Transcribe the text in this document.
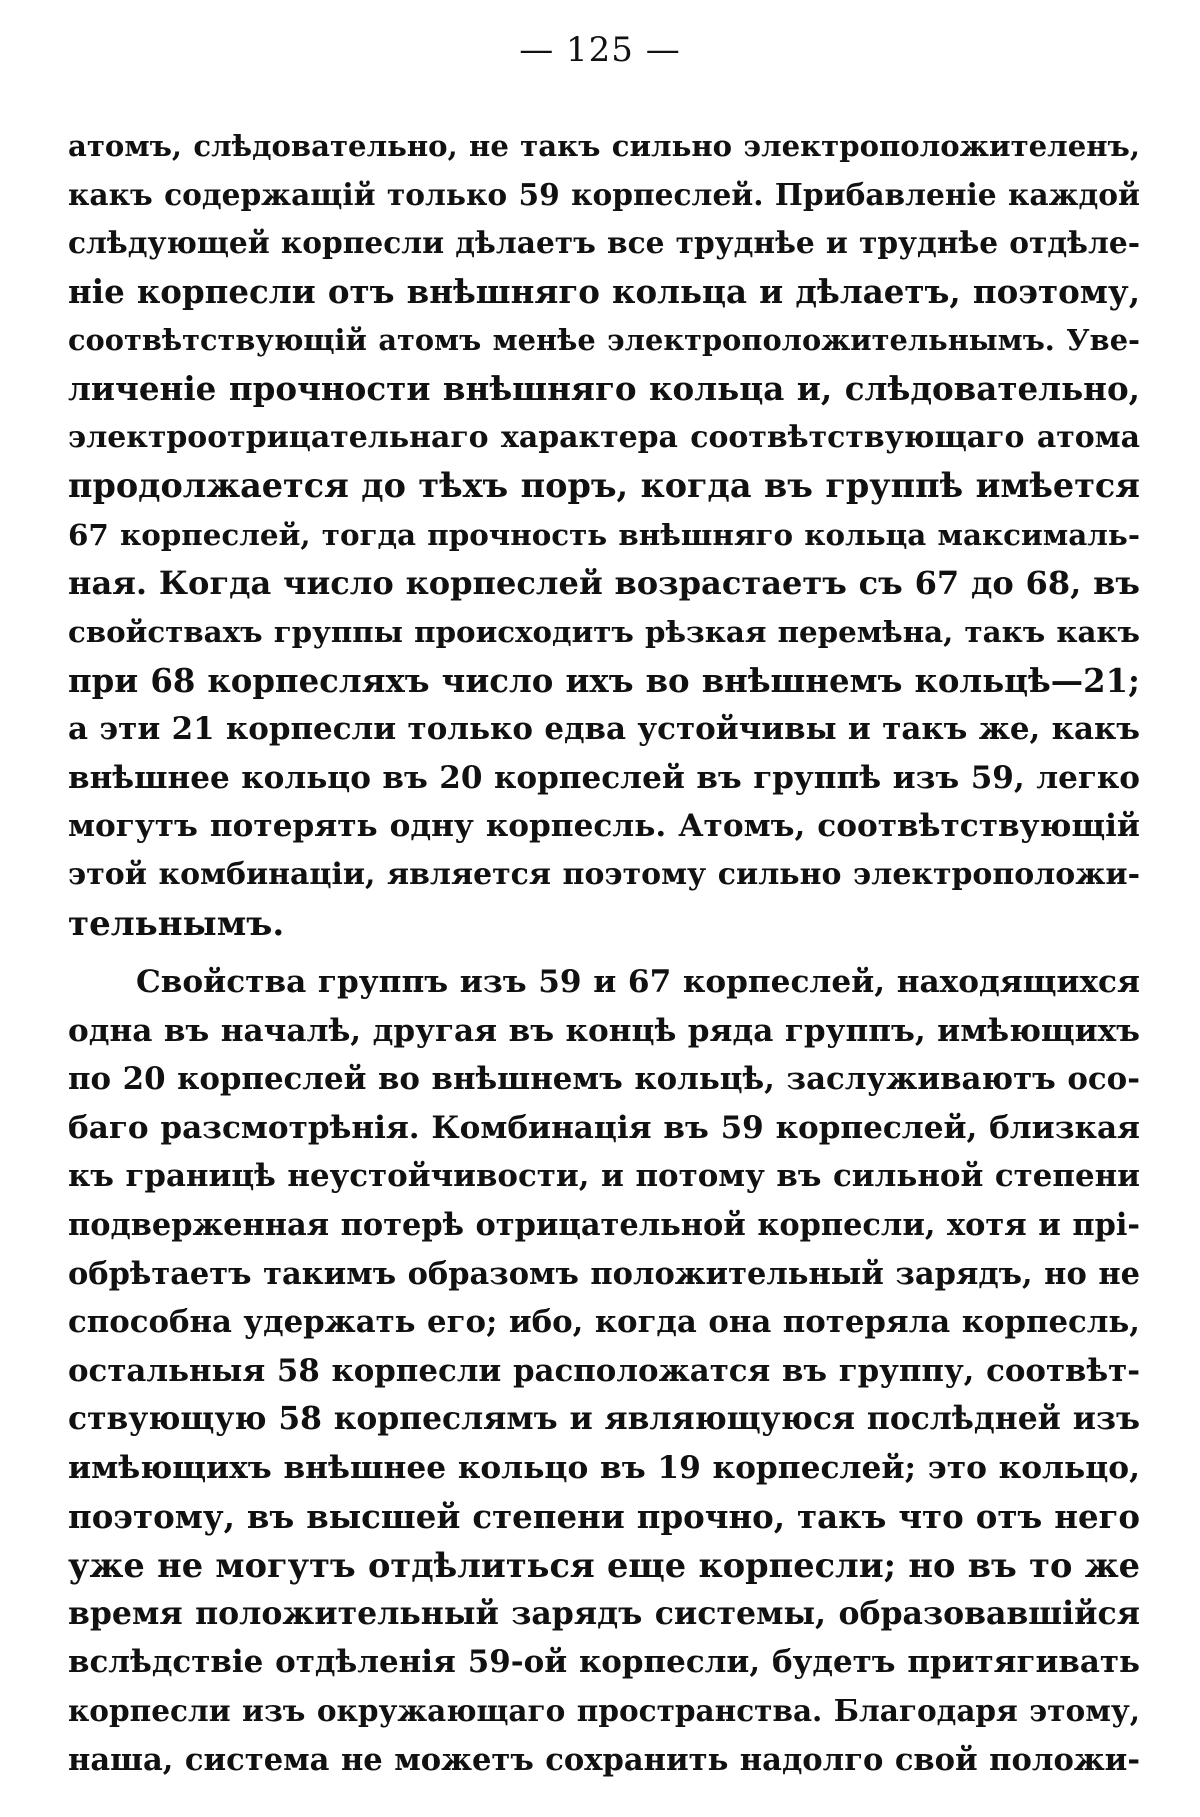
— 125 —
атомъ, слѣдовательно, не такъ сильно электроположителенъ,
какъ содержащій только 59 корпеслей. Прибавленіе каждой
слѣдующей корпесли дѣлаетъ все труднѣе и труднѣе отдѣле-
ніе корпесли отъ внѣшняго кольца и дѣлаетъ, поэтому,
соотвѣтствующій атомъ менѣе электроположительнымъ. Уве-
личеніе прочности внѣшняго кольца и, слѣдовательно,
электроотрицательнаго характера соотвѣтствующаго атома
продолжается до тѣхъ поръ, когда въ группѣ имѣется
67 корпеслей, тогда прочность внѣшняго кольца максималь-
ная. Когда число корпеслей возрастаетъ съ 67 до 68, въ
свойствахъ группы происходитъ рѣзкая перемѣна, такъ какъ
при 68 корпесляхъ число ихъ во внѣшнемъ кольцѣ—21;
а эти 21 корпесли только едва устойчивы и такъ же, какъ
внѣшнее кольцо въ 20 корпеслей въ группѣ изъ 59, легко
могутъ потерять одну корпесль. Атомъ, соотвѣтствующій
этой комбинаціи, является поэтому сильно электроположи-
тельнымъ.
Свойства группъ изъ 59 и 67 корпеслей, находящихся
одна въ началѣ, другая въ концѣ ряда группъ, имѣющихъ
по 20 корпеслей во внѣшнемъ кольцѣ, заслуживаютъ осо-
баго разсмотрѣнія. Комбинація въ 59 корпеслей, близкая
къ границѣ неустойчивости, и потому въ сильной степени
подверженная потерѣ отрицательной корпесли, хотя и прі-
обрѣтаетъ такимъ образомъ положительный зарядъ, но не
способна удержать его; ибо, когда она потеряла корпесль,
остальныя 58 корпесли расположатся въ группу, соотвѣт-
ствующую 58 корпеслямъ и являющуюся послѣдней изъ
имѣющихъ внѣшнее кольцо въ 19 корпеслей; это кольцо,
поэтому, въ высшей степени прочно, такъ что отъ него
уже не могутъ отдѣлиться еще корпесли; но въ то же
время положительный зарядъ системы, образовавшійся
вслѣдствіе отдѣленія 59-ой корпесли, будетъ притягивать
корпесли изъ окружающаго пространства. Благодаря этому,
наша, система не можетъ сохранить надолго свой положи-
